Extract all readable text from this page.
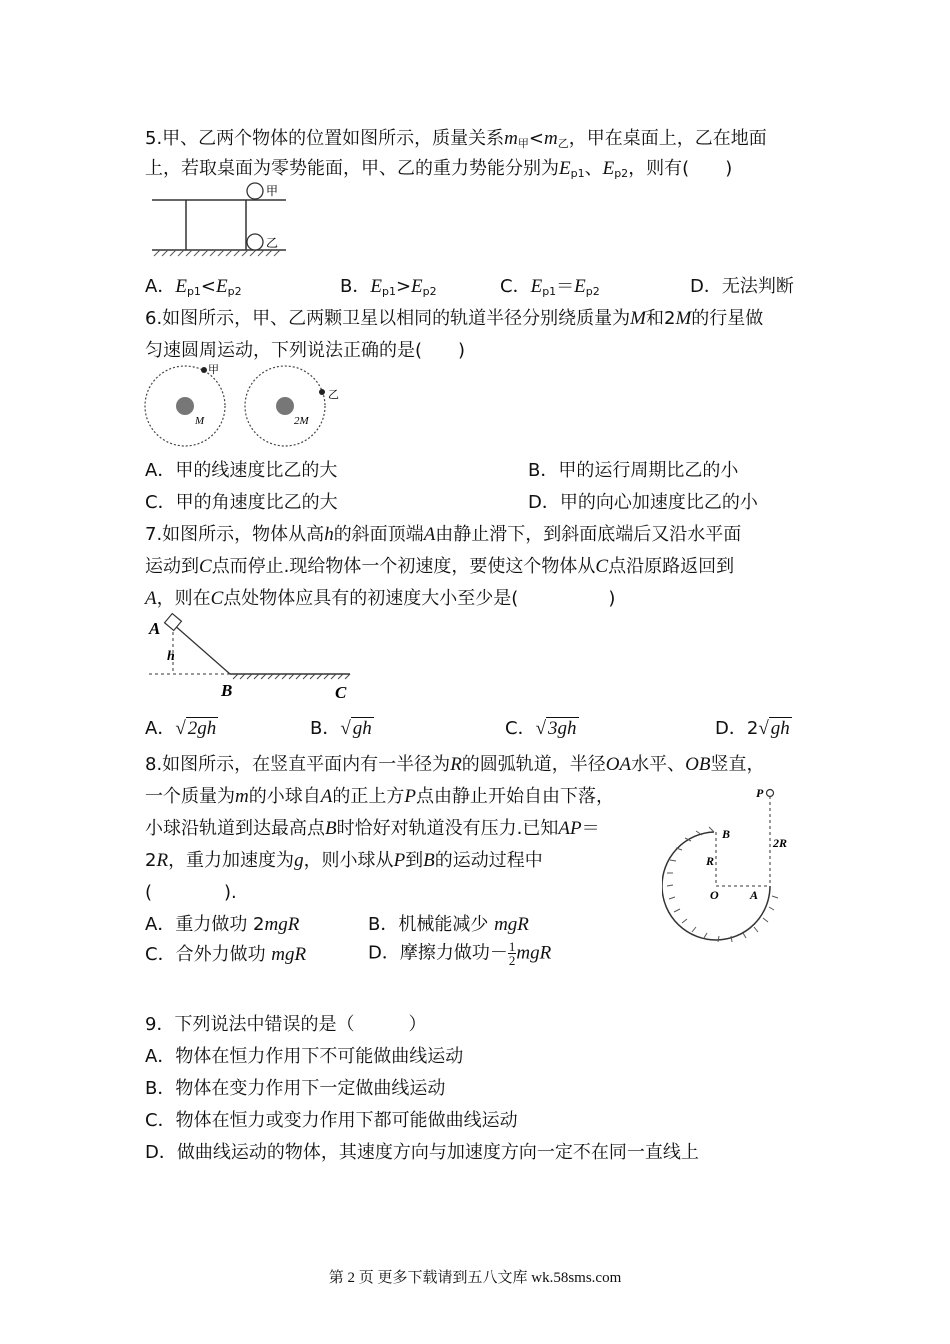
5.甲、乙两个物体的位置如图所示，质量关系$m_甲<m_乙$，甲在桌面上，乙在地面
上，若取桌面为零势能面，甲、乙的重力势能分别为$E_{p1}$、$E_{p2}$，则有(　　)
甲
乙
A．$E_{p1}<E_{p2}$	B．$E_{p1}>E_{p2}$	C．$E_{p1}=E_{p2}$	D．无法判断
6.如图所示，甲、乙两颗卫星以相同的轨道半径分别绕质量为M和2M的行星做
匀速圆周运动，下列说法正确的是(　　)
甲
M
乙
2M
A．甲的线速度比乙的大	B．甲的运行周期比乙的小
C．甲的角速度比乙的大	D．甲的向心加速度比乙的小
7.如图所示，物体从高h的斜面顶端A由静止滑下，到斜面底端后又沿水平面
运动到C点而停止.现给物体一个初速度，要使这个物体从C点沿原路返回到
A，则在C点处物体应具有的初速度大小至少是(　　　　　)
A
h
B	C
A．√ 2gh	B．√ gh	C．√ 3gh	D．2√ gh
8.如图所示，在竖直平面内有一半径为R的圆弧轨道，半径OA水平、OB竖直，
一个质量为m的小球自A的正上方P点由静止开始自由下落，
小球沿轨道到达最高点B时恰好对轨道没有压力.已知AP＝
2R，重力加速度为g，则小球从P到B的运动过程中
(　　　　).
A．重力做功 2mgR	B．机械能减少 mgR
C．合外力做功 mgR	D．摩擦力做功－ $\frac{1}{2}$ mgR
P
B
R
2R
O	A
9．下列说法中错误的是（　　　）
A．物体在恒力作用下不可能做曲线运动
B．物体在变力作用下一定做曲线运动
C．物体在恒力或变力作用下都可能做曲线运动
D．做曲线运动的物体，其速度方向与加速度方向一定不在同一直线上
第 2 页 更多下载请到五八文库 wk.58sms.com
